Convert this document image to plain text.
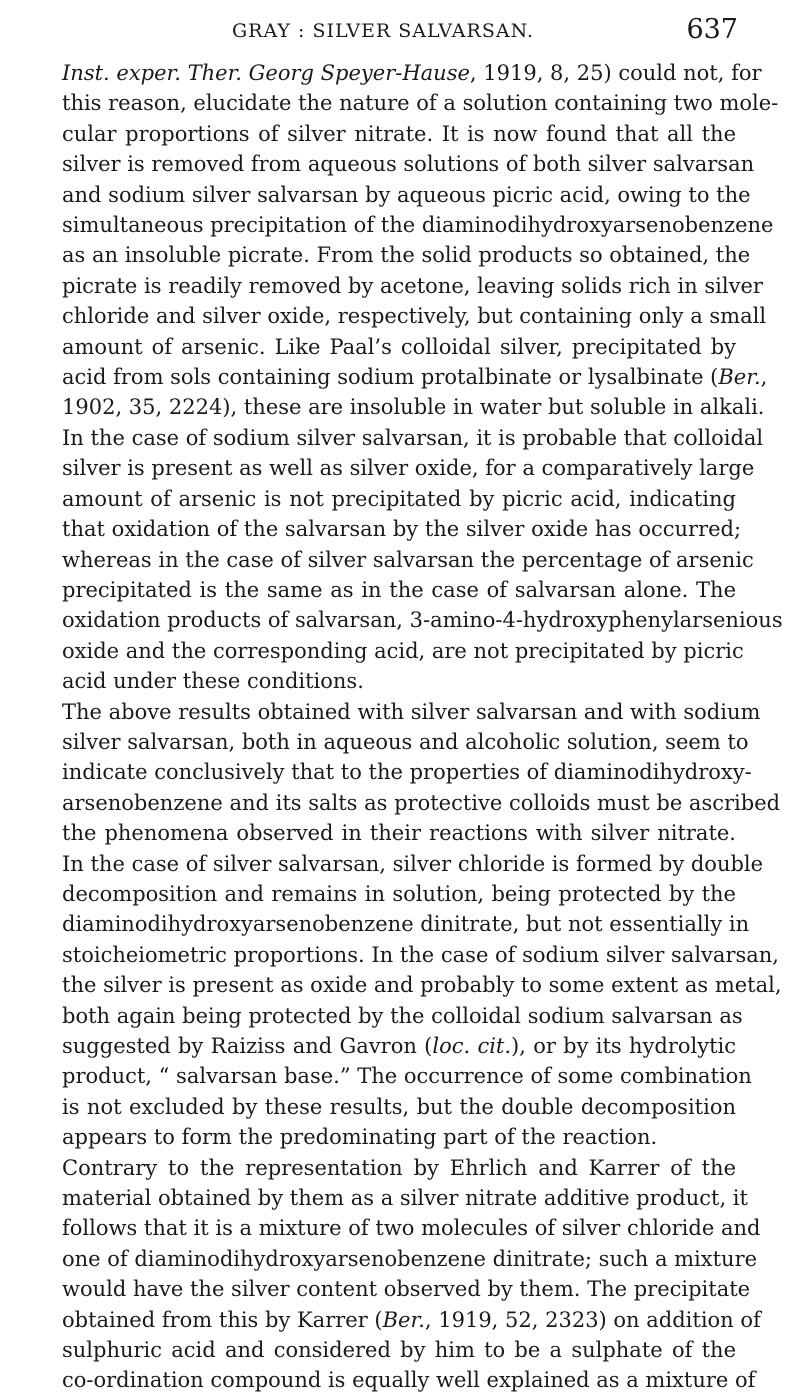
GRAY : SILVER SALVARSAN.	637

Inst. exper. Ther. Georg Speyer-Hause, 1919, 8, 25) could not, for
this reason, elucidate the nature of a solution containing two mole-
cular proportions of silver nitrate. It is now found that all the
silver is removed from aqueous solutions of both silver salvarsan
and sodium silver salvarsan by aqueous picric acid, owing to the
simultaneous precipitation of the diaminodihydroxyarsenobenzene
as an insoluble picrate. From the solid products so obtained, the
picrate is readily removed by acetone, leaving solids rich in silver
chloride and silver oxide, respectively, but containing only a small
amount of arsenic. Like Paal’s colloidal silver, precipitated by
acid from sols containing sodium protalbinate or lysalbinate (Ber.,
1902, 35, 2224), these are insoluble in water but soluble in alkali.

In the case of sodium silver salvarsan, it is probable that colloidal
silver is present as well as silver oxide, for a comparatively large
amount of arsenic is not precipitated by picric acid, indicating
that oxidation of the salvarsan by the silver oxide has occurred;
whereas in the case of silver salvarsan the percentage of arsenic
precipitated is the same as in the case of salvarsan alone. The
oxidation products of salvarsan, 3-amino-4-hydroxyphenylarsenious
oxide and the corresponding acid, are not precipitated by picric
acid under these conditions.

The above results obtained with silver salvarsan and with sodium
silver salvarsan, both in aqueous and alcoholic solution, seem to
indicate conclusively that to the properties of diaminodihydroxy-
arsenobenzene and its salts as protective colloids must be ascribed
the phenomena observed in their reactions with silver nitrate.
In the case of silver salvarsan, silver chloride is formed by double
decomposition and remains in solution, being protected by the
diaminodihydroxyarsenobenzene dinitrate, but not essentially in
stoicheiometric proportions. In the case of sodium silver salvarsan,
the silver is present as oxide and probably to some extent as metal,
both again being protected by the colloidal sodium salvarsan as
suggested by Raiziss and Gavron (loc. cit.), or by its hydrolytic
product, “ salvarsan base.” The occurrence of some combination
is not excluded by these results, but the double decomposition
appears to form the predominating part of the reaction.

Contrary to the representation by Ehrlich and Karrer of the
material obtained by them as a silver nitrate additive product, it
follows that it is a mixture of two molecules of silver chloride and
one of diaminodihydroxyarsenobenzene dinitrate; such a mixture
would have the silver content observed by them. The precipitate
obtained from this by Karrer (Ber., 1919, 52, 2323) on addition of
sulphuric acid and considered by him to be a sulphate of the
co-ordination compound is equally well explained as a mixture of
